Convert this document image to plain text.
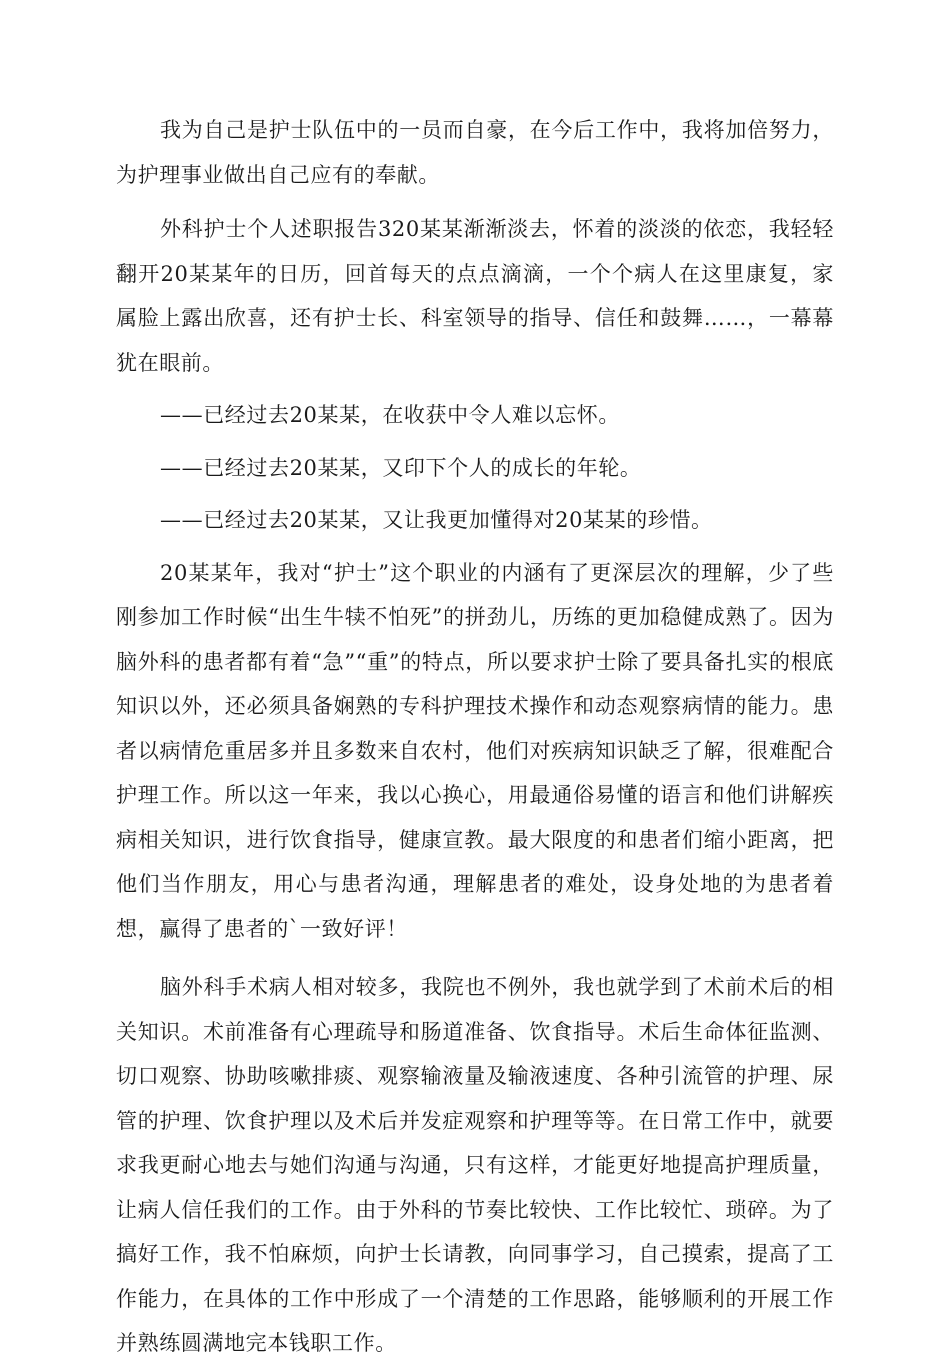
我为自己是护士队伍中的一员而自豪，在今后工作中，我将加倍努力，为护理事业做出自己应有的奉献。

外科护士个人述职报告320某某渐渐淡去，怀着的淡淡的依恋，我轻轻翻开20某某年的日历，回首每天的点点滴滴，一个个病人在这里康复，家属脸上露出欣喜，还有护士长、科室领导的指导、信任和鼓舞……，一幕幕犹在眼前。

——已经过去20某某，在收获中令人难以忘怀。

——已经过去20某某，又印下个人的成长的年轮。

——已经过去20某某，又让我更加懂得对20某某的珍惜。

20某某年，我对“护士”这个职业的内涵有了更深层次的理解，少了些刚参加工作时候“出生牛犊不怕死”的拼劲儿，历练的更加稳健成熟了。因为脑外科的患者都有着“急”“重”的特点，所以要求护士除了要具备扎实的根底知识以外，还必须具备娴熟的专科护理技术操作和动态观察病情的能力。患者以病情危重居多并且多数来自农村，他们对疾病知识缺乏了解，很难配合护理工作。所以这一年来，我以心换心，用最通俗易懂的语言和他们讲解疾病相关知识，进行饮食指导，健康宣教。最大限度的和患者们缩小距离，把他们当作朋友，用心与患者沟通，理解患者的难处，设身处地的为患者着想，赢得了患者的`一致好评！

脑外科手术病人相对较多，我院也不例外，我也就学到了术前术后的相关知识。术前准备有心理疏导和肠道准备、饮食指导。术后生命体征监测、切口观察、协助咳嗽排痰、观察输液量及输液速度、各种引流管的护理、尿管的护理、饮食护理以及术后并发症观察和护理等等。在日常工作中，就要求我更耐心地去与她们沟通与沟通，只有这样，才能更好地提高护理质量，让病人信任我们的工作。由于外科的节奏比较快、工作比较忙、琐碎。为了搞好工作，我不怕麻烦，向护士长请教，向同事学习，自己摸索，提高了工作能力，在具体的工作中形成了一个清楚的工作思路，能够顺利的开展工作并熟练圆满地完本钱职工作。
